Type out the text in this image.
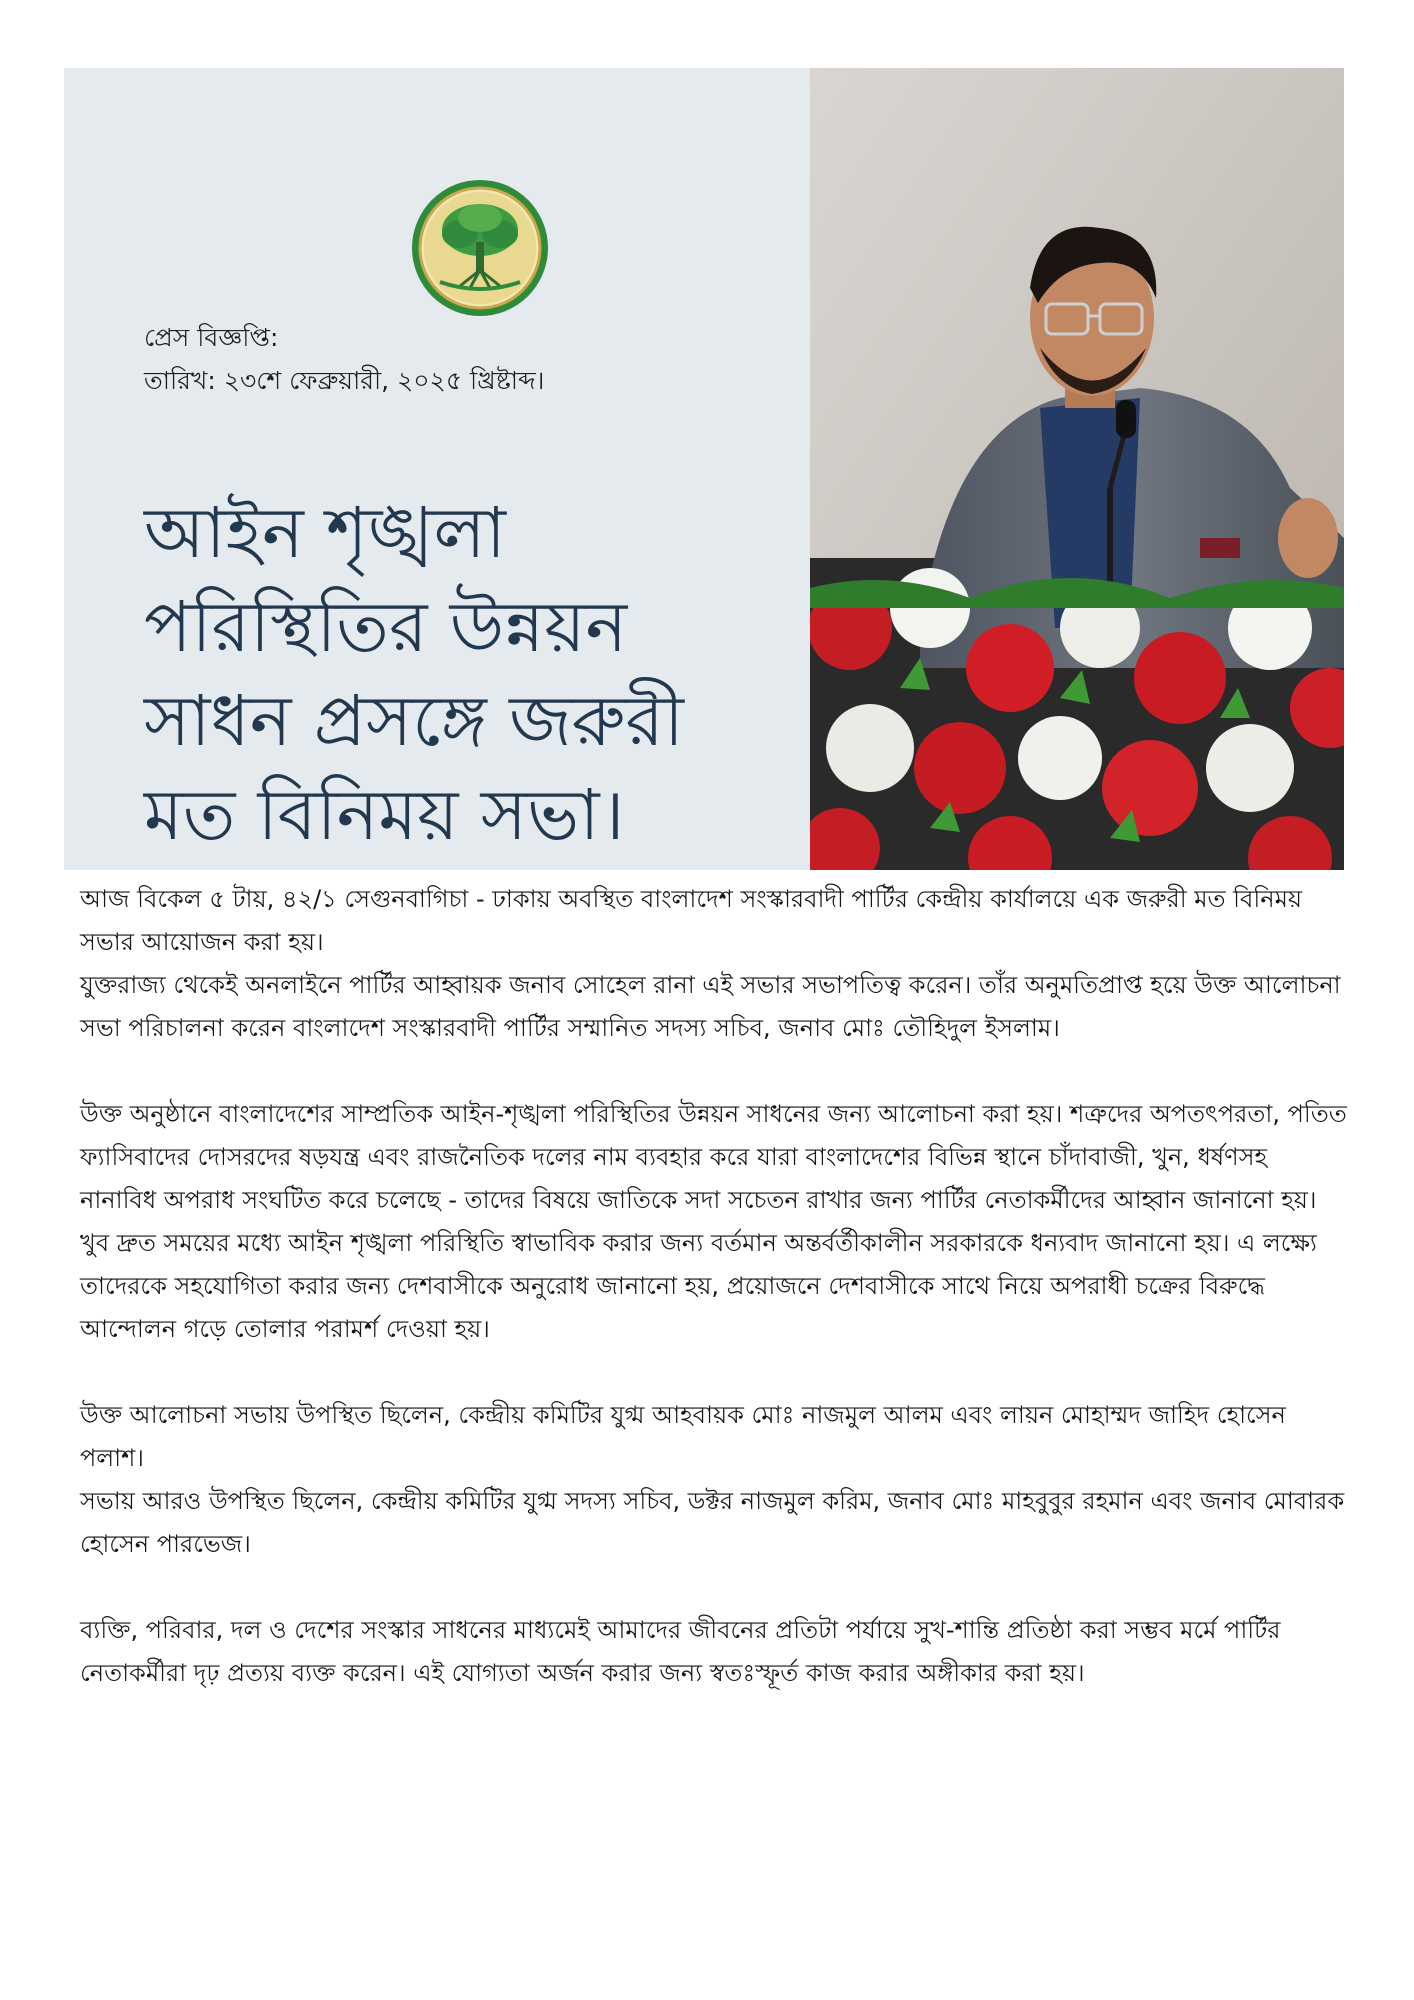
প্রেস বিজ্ঞপ্তি:
তারিখ: ২৩শে ফেব্রুয়ারী, ২০২৫ খ্রিষ্টাব্দ।
আইন শৃঙ্খলা
পরিস্থিতির উন্নয়ন
সাধন প্রসঙ্গে জরুরী
মত বিনিময় সভা।

আজ বিকেল ৫ টায়, ৪২/১ সেগুনবাগিচা - ঢাকায় অবস্থিত বাংলাদেশ সংস্কারবাদী পার্টির কেন্দ্রীয় কার্যালয়ে এক জরুরী মত বিনিময় সভার আয়োজন করা হয়।

যুক্তরাজ্য থেকেই অনলাইনে পার্টির আহ্বায়ক জনাব সোহেল রানা এই সভার সভাপতিত্ব করেন। তাঁর অনুমতিপ্রাপ্ত হয়ে উক্ত আলোচনা সভা পরিচালনা করেন বাংলাদেশ সংস্কারবাদী পার্টির সম্মানিত সদস্য সচিব, জনাব মোঃ তৌহিদুল ইসলাম।

উক্ত অনুষ্ঠানে বাংলাদেশের সাম্প্রতিক আইন-শৃঙ্খলা পরিস্থিতির উন্নয়ন সাধনের জন্য আলোচনা করা হয়। শত্রুদের অপতৎপরতা, পতিত ফ্যাসিবাদের দোসরদের ষড়যন্ত্র এবং রাজনৈতিক দলের নাম ব্যবহার করে যারা বাংলাদেশের বিভিন্ন স্থানে চাঁদাবাজী, খুন, ধর্ষণসহ নানাবিধ অপরাধ সংঘটিত করে চলেছে - তাদের বিষয়ে জাতিকে সদা সচেতন রাখার জন্য পার্টির নেতাকর্মীদের আহ্বান জানানো হয়।

খুব দ্রুত সময়ের মধ্যে আইন শৃঙ্খলা পরিস্থিতি স্বাভাবিক করার জন্য বর্তমান অন্তর্বর্তীকালীন সরকারকে ধন্যবাদ জানানো হয়। এ লক্ষ্যে তাদেরকে সহযোগিতা করার জন্য দেশবাসীকে অনুরোধ জানানো হয়, প্রয়োজনে দেশবাসীকে সাথে নিয়ে অপরাধী চক্রের বিরুদ্ধে আন্দোলন গড়ে তোলার পরামর্শ দেওয়া হয়।

উক্ত আলোচনা সভায় উপস্থিত ছিলেন, কেন্দ্রীয় কমিটির যুগ্ম আহবায়ক মোঃ নাজমুল আলম এবং লায়ন মোহাম্মদ জাহিদ হোসেন পলাশ।

সভায় আরও উপস্থিত ছিলেন, কেন্দ্রীয় কমিটির যুগ্ম সদস্য সচিব, ডক্টর নাজমুল করিম, জনাব মোঃ মাহবুবুর রহমান এবং জনাব মোবারক হোসেন পারভেজ।

ব্যক্তি, পরিবার, দল ও দেশের সংস্কার সাধনের মাধ্যমেই আমাদের জীবনের প্রতিটা পর্যায়ে সুখ-শান্তি প্রতিষ্ঠা করা সম্ভব মর্মে পার্টির নেতাকর্মীরা দৃঢ় প্রত্যয় ব্যক্ত করেন। এই যোগ্যতা অর্জন করার জন্য স্বতঃস্ফূর্ত কাজ করার অঙ্গীকার করা হয়।
